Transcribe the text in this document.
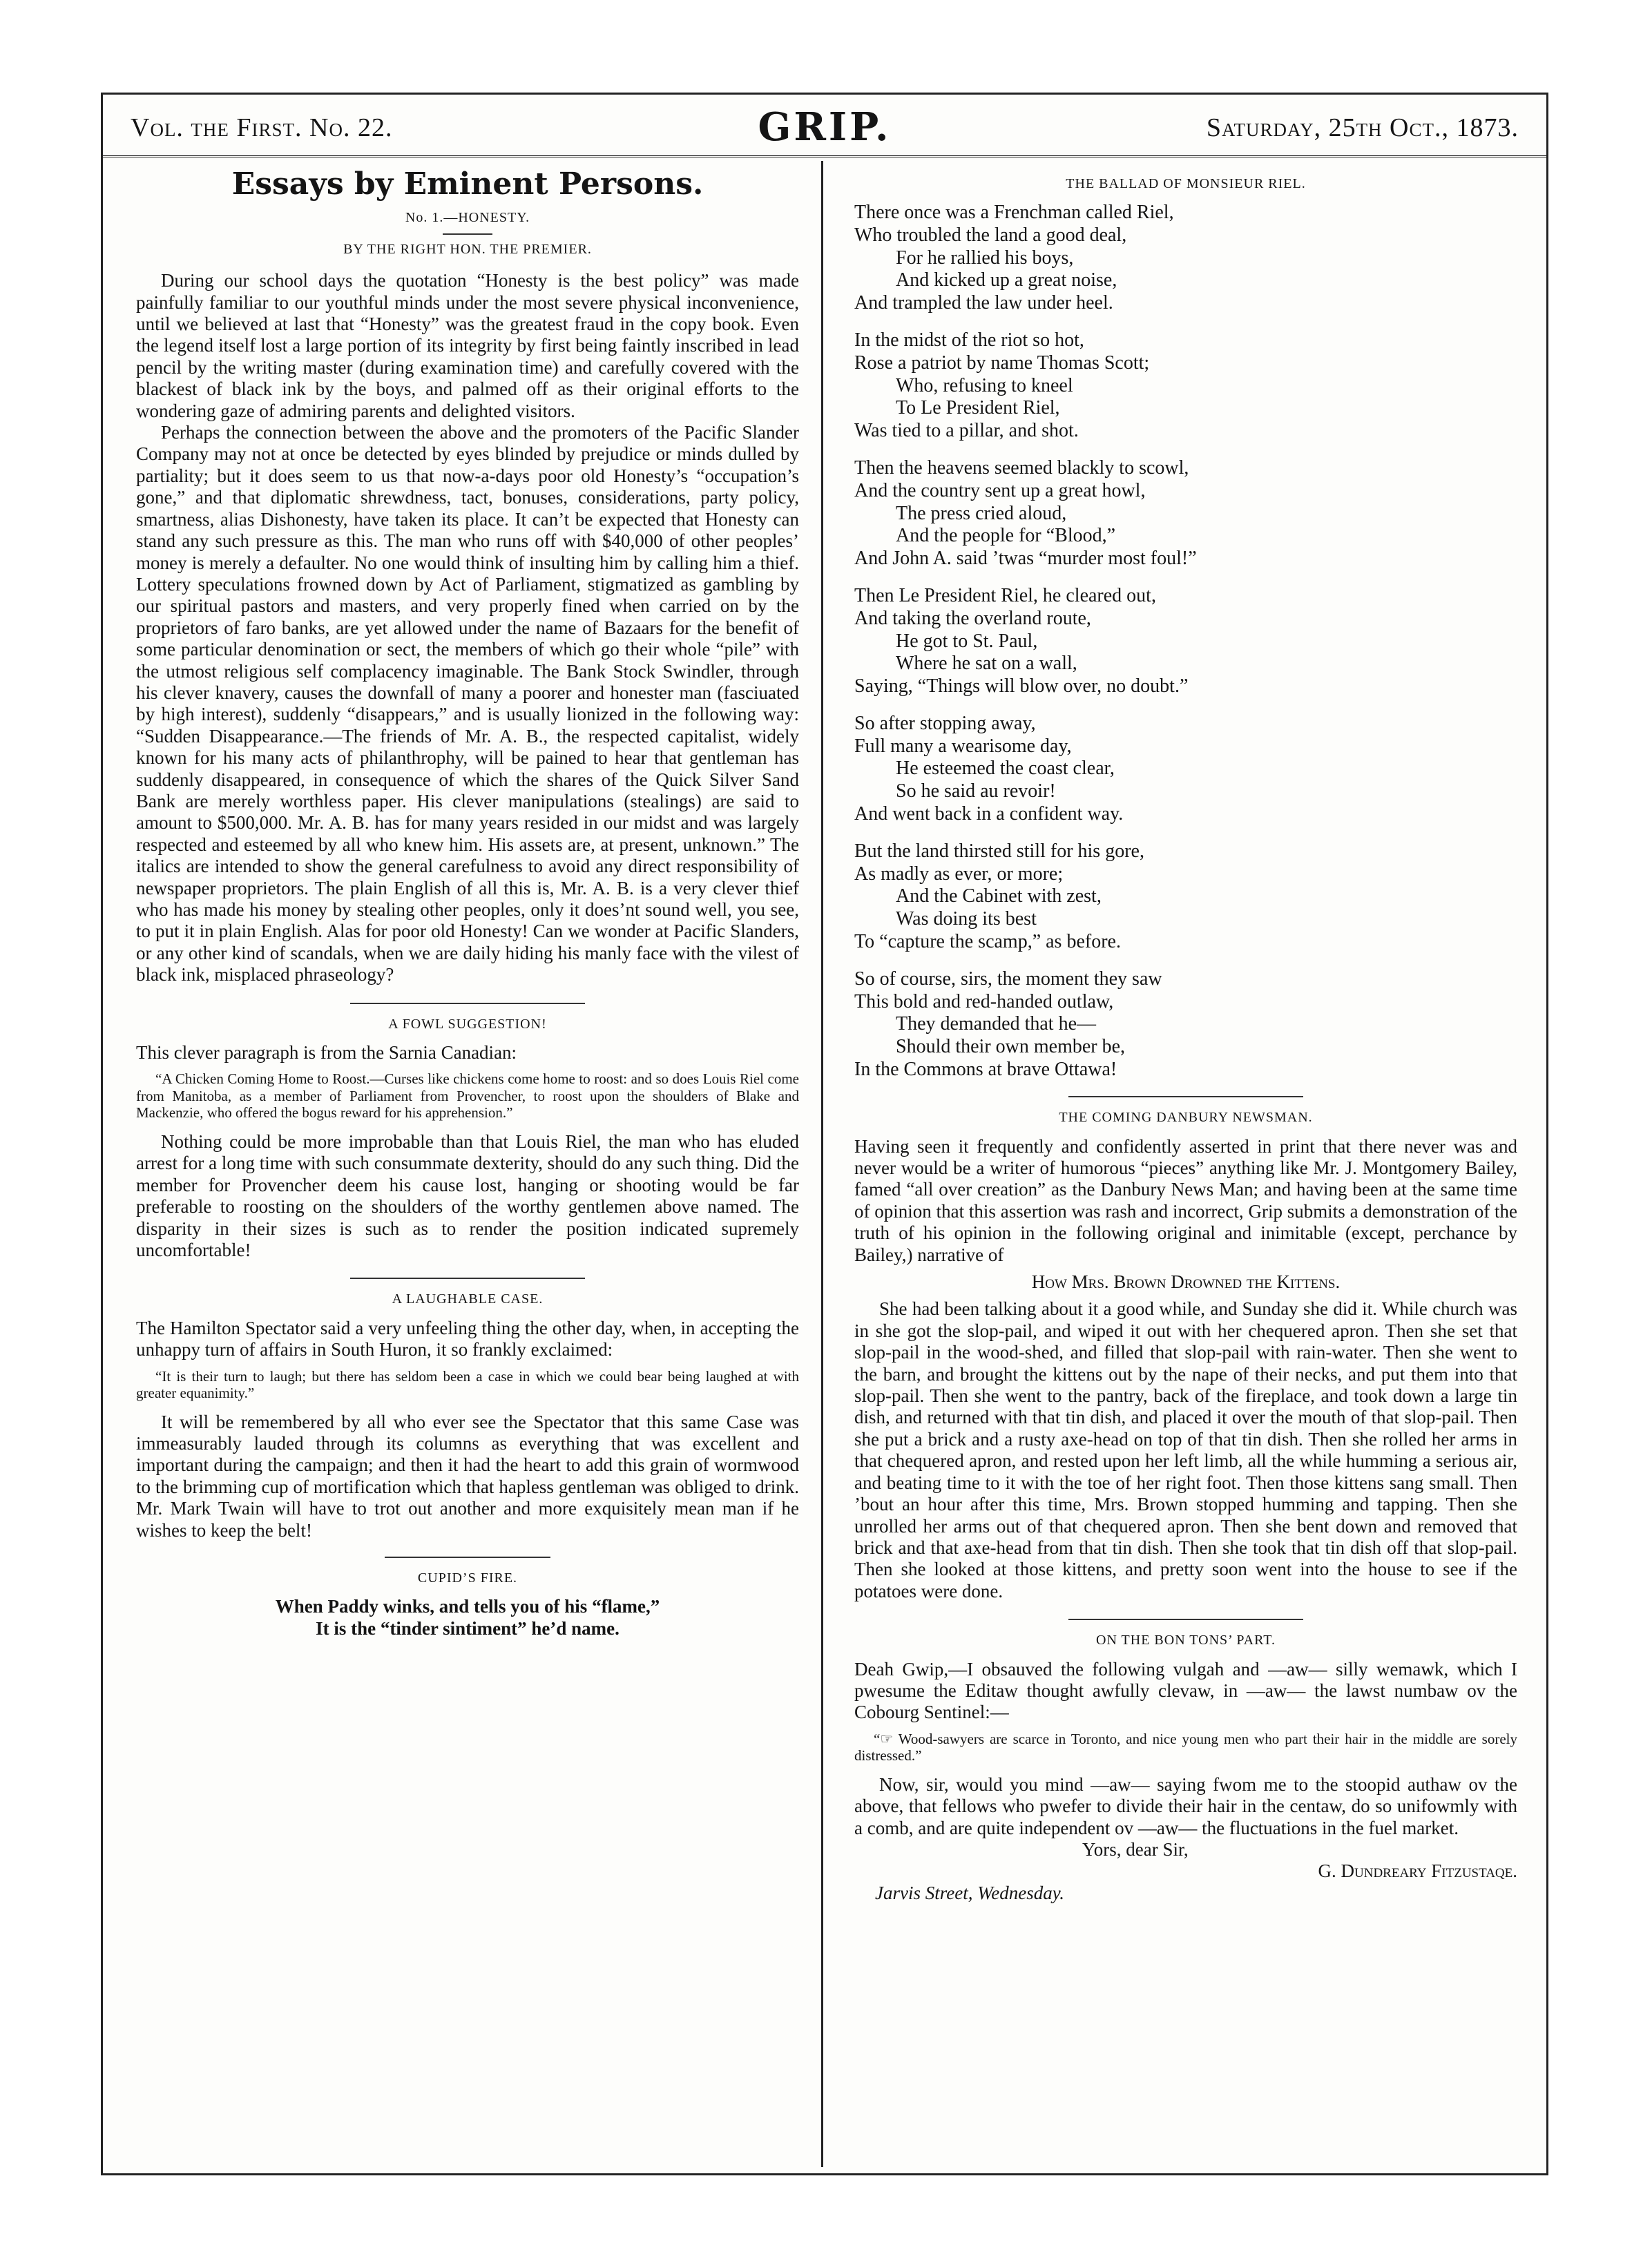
Vol. the First. No. 22.	GRIP.	Saturday, 25th Oct., 1873.
Essays by Eminent Persons.
No. 1.—HONESTY.
BY THE RIGHT HON. THE PREMIER.

During our school days the quotation “Honesty is the best policy” was made painfully familiar to our youthful minds under the most severe physical inconvenience, until we believed at last that “Honesty” was the greatest fraud in the copy book. Even the legend itself lost a large portion of its integrity by first being faintly inscribed in lead pencil by the writing master (during examination time) and carefully covered with the blackest of black ink by the boys, and palmed off as their original efforts to the wondering gaze of admiring parents and delighted visitors.

Perhaps the connection between the above and the promoters of the Pacific Slander Company may not at once be detected by eyes blinded by prejudice or minds dulled by partiality; but it does seem to us that now-a-days poor old Honesty’s “occupation’s gone,” and that diplomatic shrewdness, tact, bonuses, considerations, party policy, smartness, alias Dishonesty, have taken its place. It can’t be expected that Honesty can stand any such pressure as this. The man who runs off with $40,000 of other peoples’ money is merely a defaulter. No one would think of insulting him by calling him a thief. Lottery speculations frowned down by Act of Parliament, stigmatized as gambling by our spiritual pastors and masters, and very properly fined when carried on by the proprietors of faro banks, are yet allowed under the name of Bazaars for the benefit of some particular denomination or sect, the members of which go their whole “pile” with the utmost religious self complacency imaginable. The Bank Stock Swindler, through his clever knavery, causes the downfall of many a poorer and honester man (fasciuated by high interest), suddenly “disappears,” and is usually lionized in the following way: “Sudden Disappearance.—The friends of Mr. A. B., the respected capitalist, widely known for his many acts of philanthrophy, will be pained to hear that gentleman has suddenly disappeared, in consequence of which the shares of the Quick Silver Sand Bank are merely worthless paper. His clever manipulations (stealings) are said to amount to $500,000. Mr. A. B. has for many years resided in our midst and was largely respected and esteemed by all who knew him. His assets are, at present, unknown.” The italics are intended to show the general carefulness to avoid any direct responsibility of newspaper proprietors. The plain English of all this is, Mr. A. B. is a very clever thief who has made his money by stealing other peoples, only it does’nt sound well, you see, to put it in plain English. Alas for poor old Honesty! Can we wonder at Pacific Slanders, or any other kind of scandals, when we are daily hiding his manly face with the vilest of black ink, misplaced phraseology?

A FOWL SUGGESTION!

This clever paragraph is from the Sarnia Canadian:

“A Chicken Coming Home to Roost.—Curses like chickens come home to roost: and so does Louis Riel come from Manitoba, as a member of Parliament from Provencher, to roost upon the shoulders of Blake and Mackenzie, who offered the bogus reward for his apprehension.”

Nothing could be more improbable than that Louis Riel, the man who has eluded arrest for a long time with such consummate dexterity, should do any such thing. Did the member for Provencher deem his cause lost, hanging or shooting would be far preferable to roosting on the shoulders of the worthy gentlemen above named. The disparity in their sizes is such as to render the position indicated supremely uncomfortable!

A LAUGHABLE CASE.

The Hamilton Spectator said a very unfeeling thing the other day, when, in accepting the unhappy turn of affairs in South Huron, it so frankly exclaimed:

“It is their turn to laugh; but there has seldom been a case in which we could bear being laughed at with greater equanimity.”

It will be remembered by all who ever see the Spectator that this same Case was immeasurably lauded through its columns as everything that was excellent and important during the campaign; and then it had the heart to add this grain of wormwood to the brimming cup of mortification which that hapless gentleman was obliged to drink. Mr. Mark Twain will have to trot out another and more exquisitely mean man if he wishes to keep the belt!

CUPID’S FIRE.

When Paddy winks, and tells you of his “flame,”

It is the “tinder sintiment” he’d name.

THE BALLAD OF MONSIEUR RIEL.
There once was a Frenchman called Riel,
Who troubled the land a good deal,
For he rallied his boys,
And kicked up a great noise,
And trampled the law under heel.
In the midst of the riot so hot,
Rose a patriot by name Thomas Scott;
Who, refusing to kneel
To Le President Riel,
Was tied to a pillar, and shot.
Then the heavens seemed blackly to scowl,
And the country sent up a great howl,
The press cried aloud,
And the people for “Blood,”
And John A. said ’twas “murder most foul!”
Then Le President Riel, he cleared out,
And taking the overland route,
He got to St. Paul,
Where he sat on a wall,
Saying, “Things will blow over, no doubt.”
So after stopping away,
Full many a wearisome day,
He esteemed the coast clear,
So he said au revoir!
And went back in a confident way.
But the land thirsted still for his gore,
As madly as ever, or more;
And the Cabinet with zest,
Was doing its best
To “capture the scamp,” as before.
So of course, sirs, the moment they saw
This bold and red-handed outlaw,
They demanded that he—
Should their own member be,
In the Commons at brave Ottawa!
THE COMING DANBURY NEWSMAN.

Having seen it frequently and confidently asserted in print that there never was and never would be a writer of humorous “pieces” anything like Mr. J. Montgomery Bailey, famed “all over creation” as the Danbury News Man; and having been at the same time of opinion that this assertion was rash and incorrect, Grip submits a demonstration of the truth of his opinion in the following original and inimitable (except, perchance by Bailey,) narrative of

How Mrs. Brown Drowned the Kittens.

She had been talking about it a good while, and Sunday she did it. While church was in she got the slop-pail, and wiped it out with her chequered apron. Then she set that slop-pail in the wood-shed, and filled that slop-pail with rain-water. Then she went to the barn, and brought the kittens out by the nape of their necks, and put them into that slop-pail. Then she went to the pantry, back of the fireplace, and took down a large tin dish, and returned with that tin dish, and placed it over the mouth of that slop-pail. Then she put a brick and a rusty axe-head on top of that tin dish. Then she rolled her arms in that chequered apron, and rested upon her left limb, all the while humming a serious air, and beating time to it with the toe of her right foot. Then those kittens sang small. Then ’bout an hour after this time, Mrs. Brown stopped humming and tapping. Then she unrolled her arms out of that chequered apron. Then she bent down and removed that brick and that axe-head from that tin dish. Then she took that tin dish off that slop-pail. Then she looked at those kittens, and pretty soon went into the house to see if the potatoes were done.

ON THE BON TONS’ PART.

Deah Gwip,—I obsauved the following vulgah and —aw— silly wemawk, which I pwesume the Editaw thought awfully clevaw, in —aw— the lawst numbaw ov the Cobourg Sentinel:—

“☞ Wood-sawyers are scarce in Toronto, and nice young men who part their hair in the middle are sorely distressed.”

Now, sir, would you mind —aw— saying fwom me to the stoopid authaw ov the above, that fellows who pwefer to divide their hair in the centaw, do so unifowmly with a comb, and are quite independent ov —aw— the fluctuations in the fuel market.

Yors, dear Sir,

G. Dundreary Fitzustaqe.

Jarvis Street, Wednesday.
